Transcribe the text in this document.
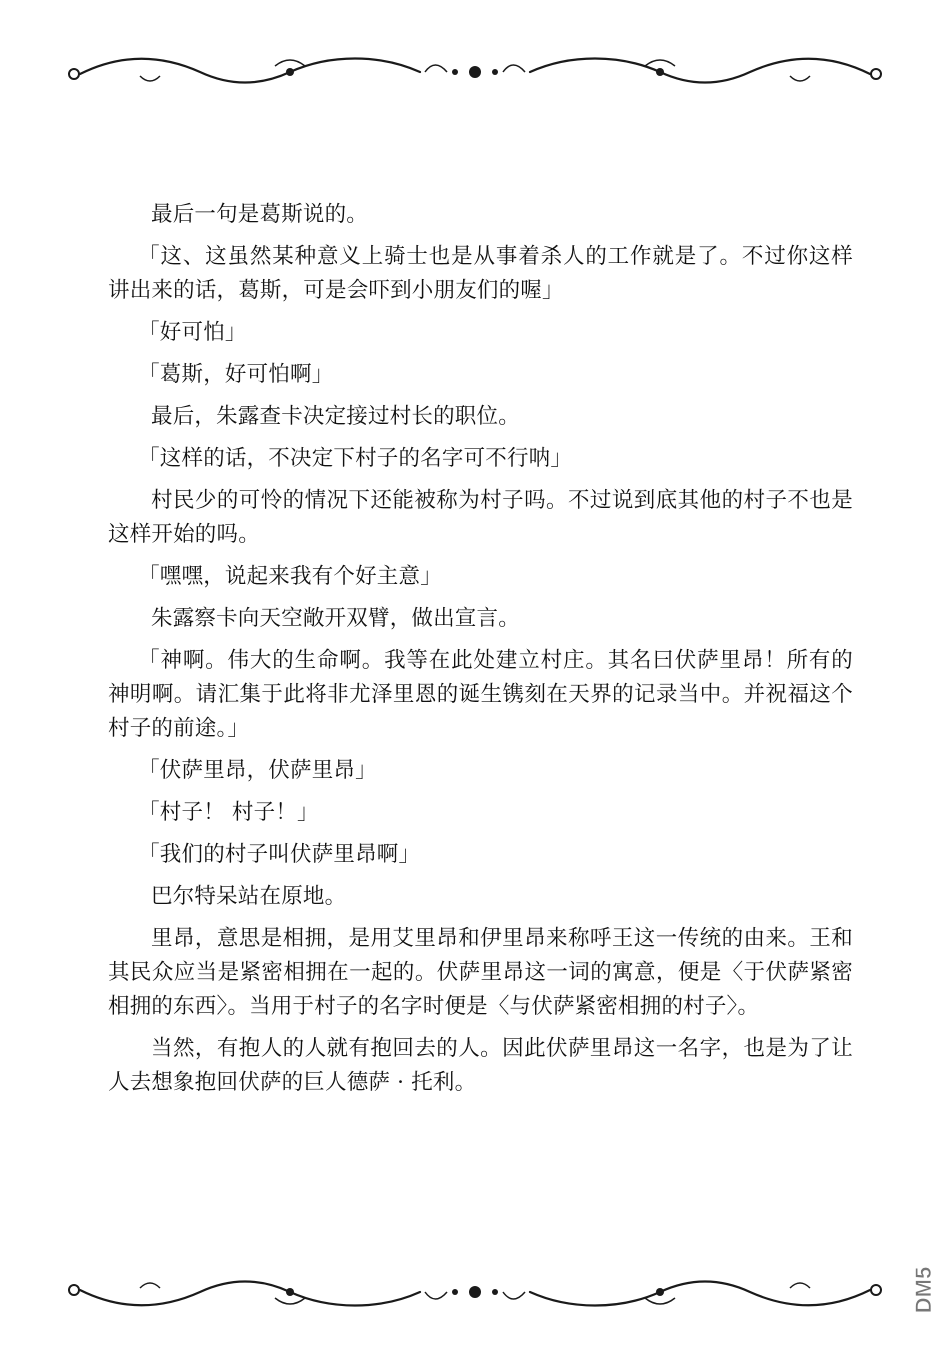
最后一句是葛斯说的。

「这、这虽然某种意义上骑士也是从事着杀人的工作就是了。不过你这样讲出来的话，葛斯，可是会吓到小朋友们的喔」

「好可怕」

「葛斯，好可怕啊」

最后，朱露查卡决定接过村长的职位。

「这样的话，不决定下村子的名字可不行呐」

村民少的可怜的情况下还能被称为村子吗。不过说到底其他的村子不也是这样开始的吗。

「嘿嘿，说起来我有个好主意」

朱露察卡向天空敞开双臂，做出宣言。

「神啊。伟大的生命啊。我等在此处建立村庄。其名曰伏萨里昂！所有的神明啊。请汇集于此将非尤泽里恩的诞生镌刻在天界的记录当中。并祝福这个村子的前途。」

「伏萨里昂，伏萨里昂」

「村子！ 村子！」

「我们的村子叫伏萨里昂啊」

巴尔特呆站在原地。

里昂，意思是相拥，是用艾里昂和伊里昂来称呼王这一传统的由来。王和其民众应当是紧密相拥在一起的。伏萨里昂这一词的寓意，便是〈于伏萨紧密相拥的东西〉。当用于村子的名字时便是〈与伏萨紧密相拥的村子〉。

当然，有抱人的人就有抱回去的人。因此伏萨里昂这一名字，也是为了让人去想象抱回伏萨的巨人德萨 · 托利。

DM5
